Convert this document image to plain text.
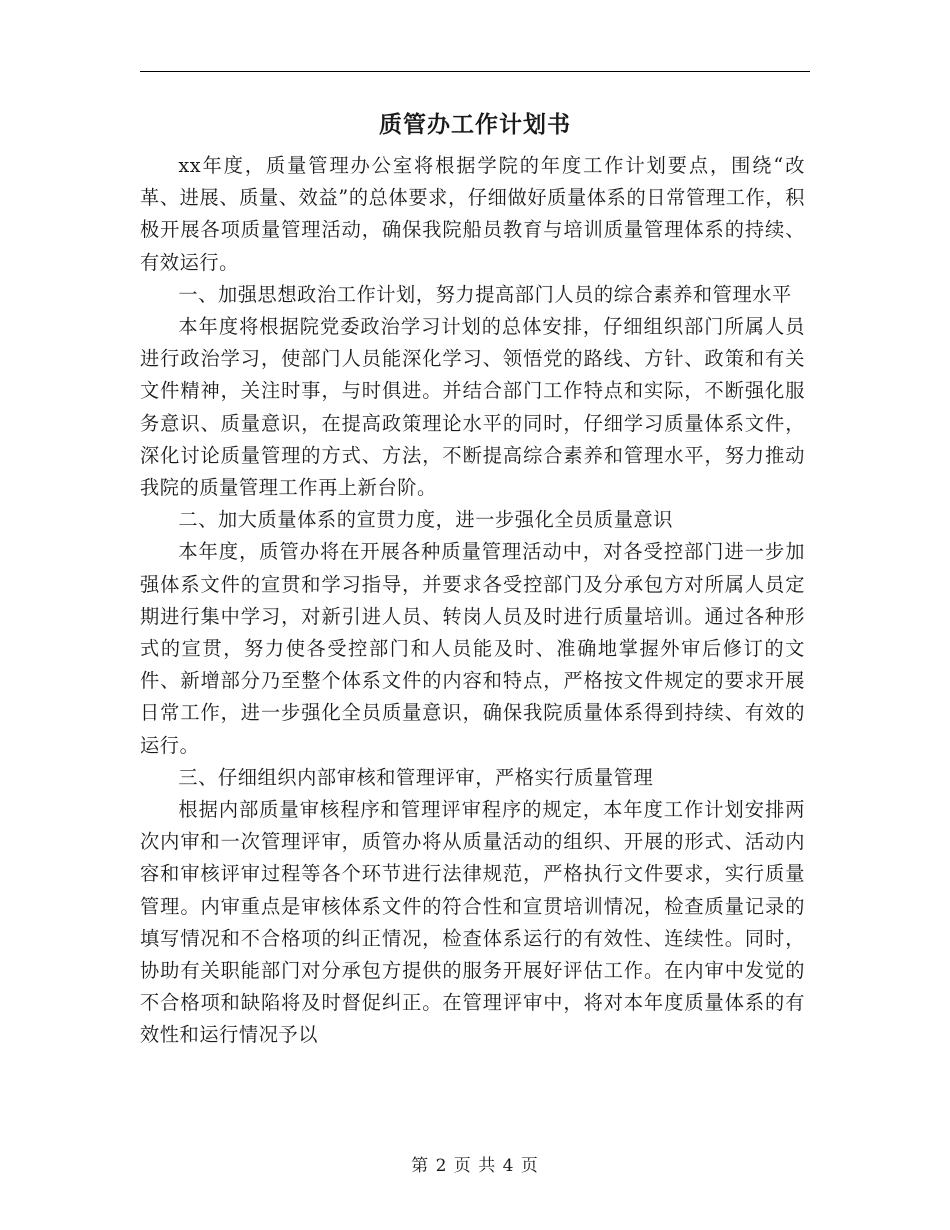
质管办工作计划书

xx年度，质量管理办公室将根据学院的年度工作计划要点，围绕“改革、进展、质量、效益”的总体要求，仔细做好质量体系的日常管理工作，积极开展各项质量管理活动，确保我院船员教育与培训质量管理体系的持续、有效运行。

一、加强思想政治工作计划，努力提高部门人员的综合素养和管理水平

本年度将根据院党委政治学习计划的总体安排，仔细组织部门所属人员进行政治学习，使部门人员能深化学习、领悟党的路线、方针、政策和有关文件精神，关注时事，与时俱进。并结合部门工作特点和实际，不断强化服务意识、质量意识，在提高政策理论水平的同时，仔细学习质量体系文件，深化讨论质量管理的方式、方法，不断提高综合素养和管理水平，努力推动我院的质量管理工作再上新台阶。

二、加大质量体系的宣贯力度，进一步强化全员质量意识

本年度，质管办将在开展各种质量管理活动中，对各受控部门进一步加强体系文件的宣贯和学习指导，并要求各受控部门及分承包方对所属人员定期进行集中学习，对新引进人员、转岗人员及时进行质量培训。通过各种形式的宣贯，努力使各受控部门和人员能及时、准确地掌握外审后修订的文件、新增部分乃至整个体系文件的内容和特点，严格按文件规定的要求开展日常工作，进一步强化全员质量意识，确保我院质量体系得到持续、有效的运行。

三、仔细组织内部审核和管理评审，严格实行质量管理

根据内部质量审核程序和管理评审程序的规定，本年度工作计划安排两次内审和一次管理评审，质管办将从质量活动的组织、开展的形式、活动内容和审核评审过程等各个环节进行法律规范，严格执行文件要求，实行质量管理。内审重点是审核体系文件的符合性和宣贯培训情况，检查质量记录的填写情况和不合格项的纠正情况，检查体系运行的有效性、连续性。同时，协助有关职能部门对分承包方提供的服务开展好评估工作。在内审中发觉的不合格项和缺陷将及时督促纠正。在管理评审中，将对本年度质量体系的有效性和运行情况予以

第 2 页 共 4 页
